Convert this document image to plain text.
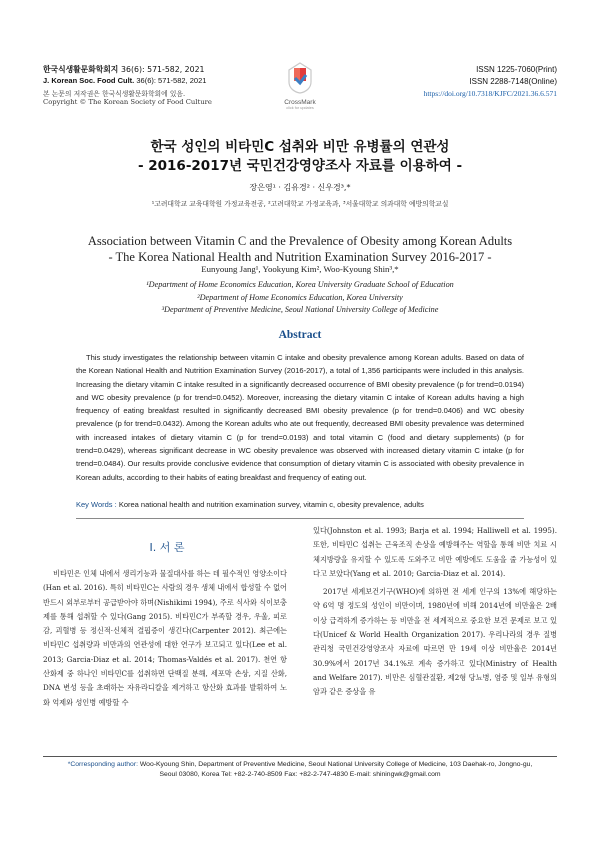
한국식생활문화학회지 36(6): 571-582, 2021
J. Korean Soc. Food Cult. 36(6): 571-582, 2021
본 논문의 저작권은 한국식생활문화학회에 있음.
Copyright © The Korean Society of Food Culture	CrossMark
click for updates
ISSN 1225-7060(Print)
ISSN 2288-7148(Online)
https://doi.org/10.7318/KJFC/2021.36.6.571
한국 성인의 비타민C 섭취와 비만 유병률의 연관성
- 2016-2017년 국민건강영양조사 자료를 이용하여 -
장은영¹ · 김유경² · 신우경³,*
¹고려대학교 교육대학원 가정교육전공, ²고려대학교 가정교육과, ³서울대학교 의과대학 예방의학교실
Association between Vitamin C and the Prevalence of Obesity among Korean Adults
- The Korea National Health and Nutrition Examination Survey 2016-2017 -
Eunyoung Jang¹, Yookyung Kim², Woo-Kyoung Shin³,*
¹Department of Home Economics Education, Korea University Graduate School of Education
²Department of Home Economics Education, Korea University
³Department of Preventive Medicine, Seoul National University College of Medicine
Abstract
This study investigates the relationship between vitamin C intake and obesity prevalence among Korean adults. Based on data of the Korean National Health and Nutrition Examination Survey (2016-2017), a total of 1,356 participants were included in this analysis. Increasing the dietary vitamin C intake resulted in a significantly decreased occurrence of BMI obesity prevalence (p for trend=0.0194) and WC obesity prevalence (p for trend=0.0452). Moreover, increasing the dietary vitamin C intake of Korean adults having a high frequency of eating breakfast resulted in significantly decreased BMI obesity prevalence (p for trend=0.0406) and WC obesity prevalence (p for trend=0.0432). Among the Korean adults who ate out frequently, decreased BMI obesity prevalence was determined with increased intakes of dietary vitamin C (p for trend=0.0193) and total vitamin C (food and dietary supplements) (p for trend=0.0429), whereas significant decrease in WC obesity prevalence was observed with increased dietary vitamin C intake (p for trend=0.0484). Our results provide conclusive evidence that consumption of dietary vitamin C is associated with obesity prevalence in Korean adults, according to their habits of eating breakfast and frequency of eating out.
Key Words : Korea national health and nutrition examination survey, vitamin c, obesity prevalence, adults
Ⅰ. 서 론

비타민은 인체 내에서 생리기능과 물질대사를 하는 데 필수적인 영양소이다(Han et al. 2016). 특히 비타민C는 사람의 경우 생체 내에서 합성할 수 없어 반드시 외부로부터 공급받아야 하며(Nishikimi 1994), 주로 식사와 식이보충제를 통해 섭취할 수 있다(Gang 2015). 비타민C가 부족할 경우, 우울, 피로감, 괴혈병 등 정신적·신체적 결핍증이 생긴다(Carpenter 2012). 최근에는 비타민C 섭취량과 비만과의 연관성에 대한 연구가 보고되고 있다(Lee et al. 2013; Garcia-Diaz et al. 2014; Thomas-Valdés et al. 2017). 천연 항산화제 중 하나인 비타민C를 섭취하면 단백질 분해, 세포막 손상, 지질 산화, DNA 변성 등을 초래하는 자유라디칼을 제거하고 항산화 효과를 발휘하여 노화 억제와 성인병 예방할 수

있다(Johnston et al. 1993; Barja et al. 1994; Halliwell et al. 1995). 또한, 비타민C 섭취는 근육조직 손상을 예방해주는 역할을 통해 비만 치료 시 체지방량을 유지할 수 있도록 도와주고 비만 예방에도 도움을 줄 가능성이 있다고 보았다(Yang et al. 2010; Garcia-Diaz et al. 2014).

2017년 세계보건기구(WHO)에 의하면 전 세계 인구의 13%에 해당하는 약 6억 명 정도의 성인이 비만이며, 1980년에 비해 2014년에 비만율은 2배 이상 급격하게 증가하는 등 비만을 전 세계적으로 중요한 보건 문제로 보고 있다(Unicef & World Health Organization 2017). 우리나라의 경우 질병관리청 국민건강영양조사 자료에 따르면 만 19세 이상 비만율은 2014년 30.9%에서 2017년 34.1%로 계속 증가하고 있다(Ministry of Health and Welfare 2017). 비만은 심혈관질환, 제2형 당뇨병, 염증 및 일부 유형의 암과 같은 증상을 유

*Corresponding author: Woo-Kyoung Shin, Department of Preventive Medicine, Seoul National University College of Medicine, 103 Daehak-ro, Jongno-gu,
Seoul 03080, Korea Tel: +82-2-740-8509 Fax: +82-2-747-4830 E-mail: shiningwk@gmail.com
